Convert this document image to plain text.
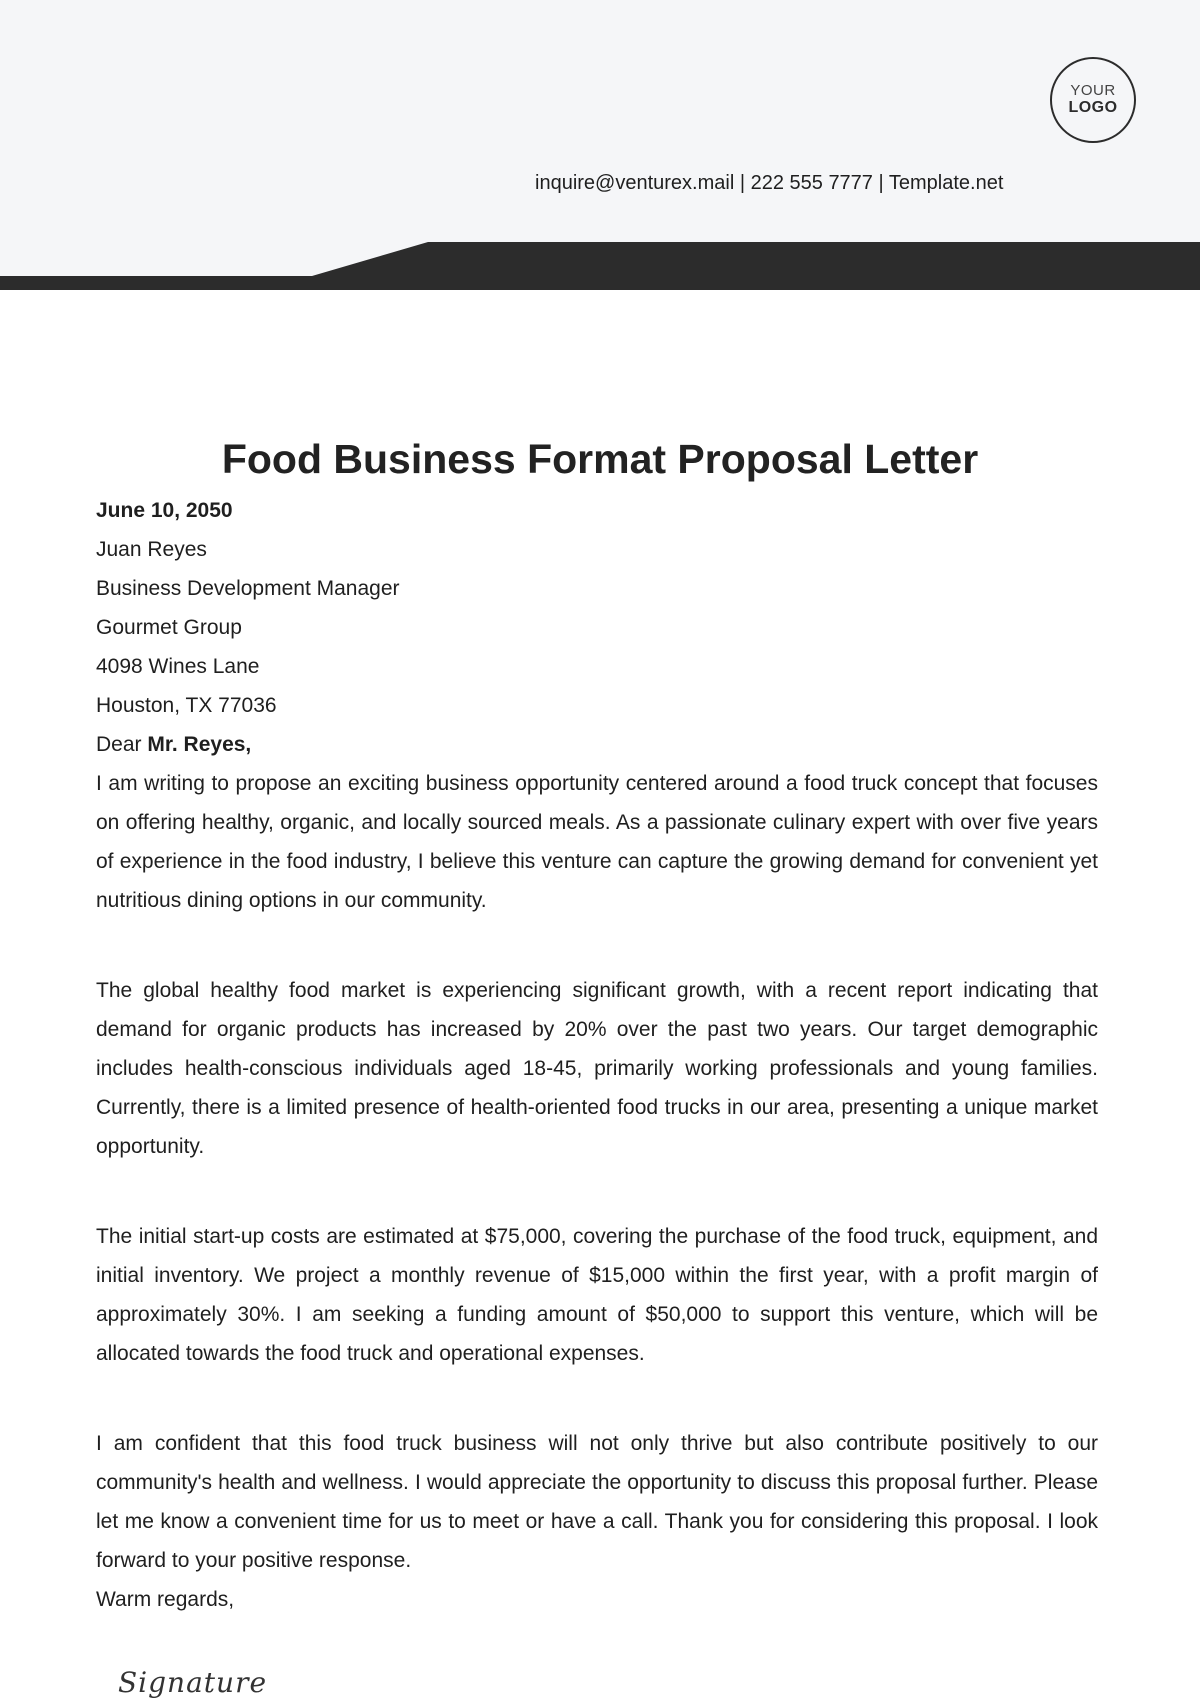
YOUR
LOGO
inquire@venturex.mail | 222 555 7777 | Template.net
Food Business Format Proposal Letter

June 10, 2050

Juan Reyes

Business Development Manager

Gourmet Group

4098 Wines Lane

Houston, TX 77036

Dear Mr. Reyes,

I am writing to propose an exciting business opportunity centered around a food truck concept that focuses on offering healthy, organic, and locally sourced meals. As a passionate culinary expert with over five years of experience in the food industry, I believe this venture can capture the growing demand for convenient yet nutritious dining options in our community.

The global healthy food market is experiencing significant growth, with a recent report indicating that demand for organic products has increased by 20% over the past two years. Our target demographic includes health-conscious individuals aged 18-45, primarily working professionals and young families. Currently, there is a limited presence of health-oriented food trucks in our area, presenting a unique market opportunity.

The initial start-up costs are estimated at $75,000, covering the purchase of the food truck, equipment, and initial inventory. We project a monthly revenue of $15,000 within the first year, with a profit margin of approximately 30%. I am seeking a funding amount of $50,000 to support this venture, which will be allocated towards the food truck and operational expenses.

I am confident that this food truck business will not only thrive but also contribute positively to our community's health and wellness. I would appreciate the opportunity to discuss this proposal further. Please let me know a convenient time for us to meet or have a call. Thank you for considering this proposal. I look forward to your positive response.

Warm regards,

Signature
